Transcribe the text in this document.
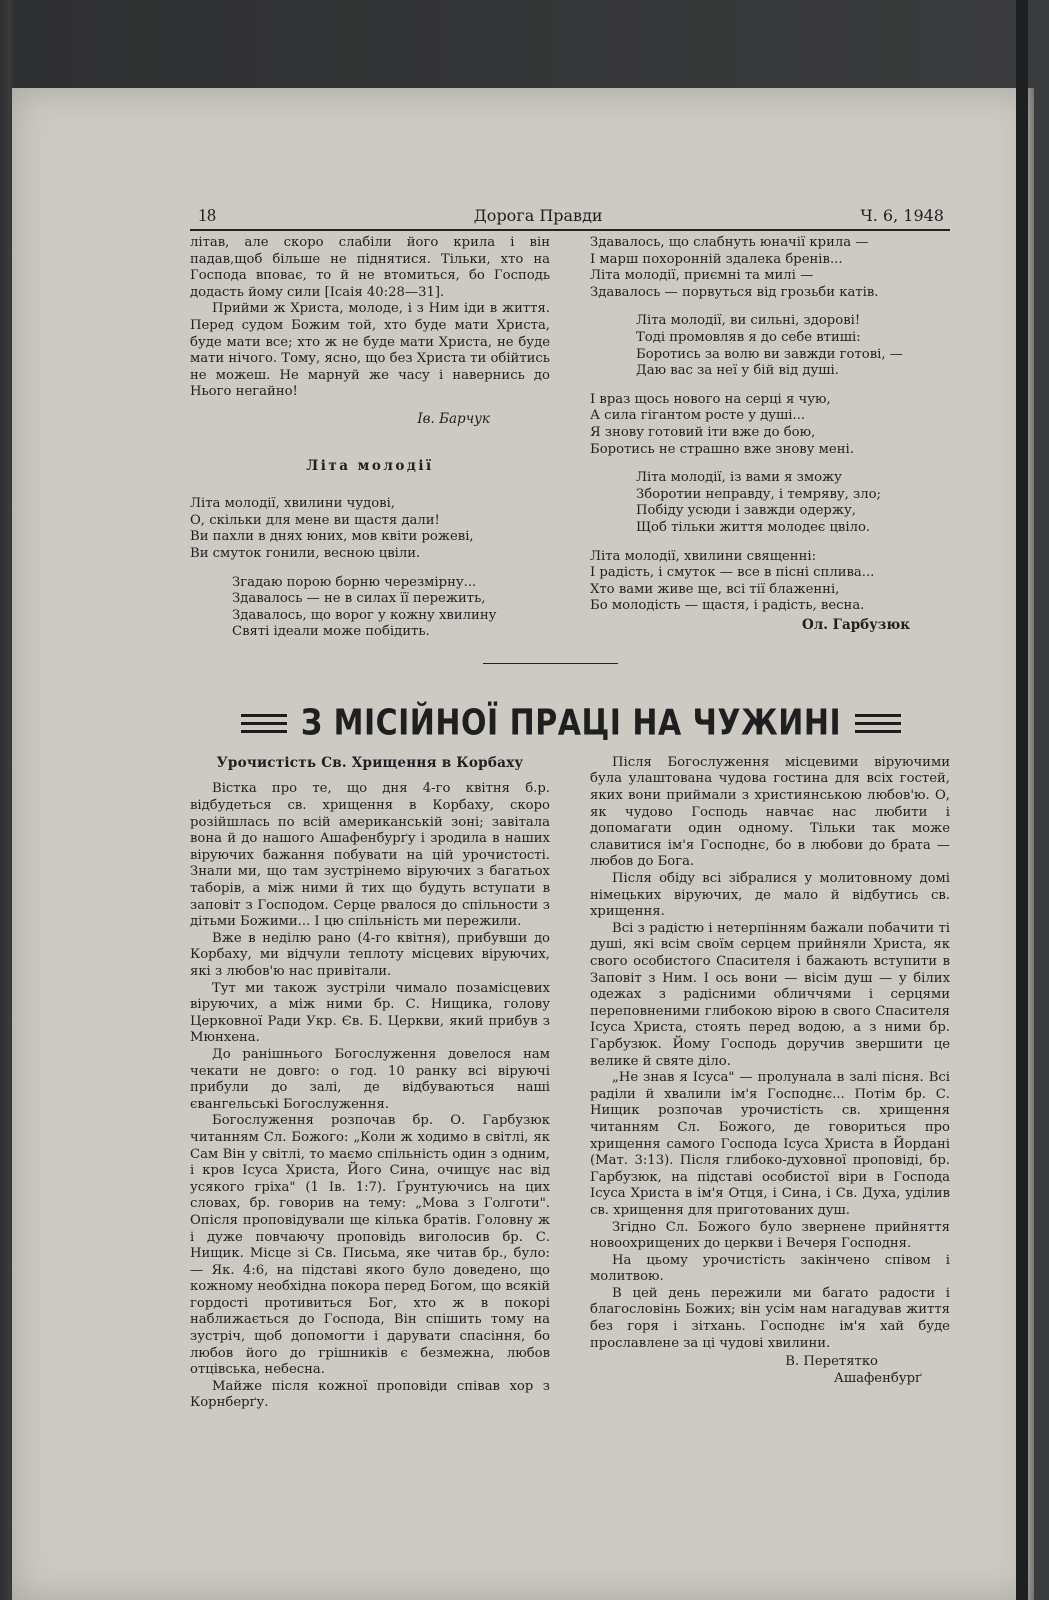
18	Дорога Правди	Ч. 6, 1948

літав, але скоро слабіли його крила і він падав,щоб більше не піднятися. Тільки, хто на Господа вповає, то й не втомиться, бо Господь додасть йому сили [Ісаія 40:28—31].

Прийми ж Христа, молоде, і з Ним іди в життя. Перед судом Божим той, хто буде мати Христа, буде мати все; хто ж не буде мати Христа, не буде мати нічого. Тому, ясно, що без Христа ти обійтись не можеш. Не марнуй же часу і навернись до Нього негайно!

Ів. Барчук
Літа молодії
Літа молодії, хвилини чудові,
О, скільки для мене ви щастя дали!
Ви пахли в днях юних, мов квіти рожеві,
Ви смуток гонили, весною цвіли.
Згадаю порою борню черезмірну...
Здавалось — не в силах її пережить,
Здавалось, що ворог у кожну хвилину
Святі ідеали може побідить.
Здавалось, що слабнуть юначії крила —
І марш похоронній здалека бренів...
Літа молодії, приємні та милі —
Здавалось — порвуться від грозьби катів.
Літа молодії, ви сильні, здорові!
Тоді промовляв я до себе втиші:
Боротись за волю ви завжди готові, —
Даю вас за неї у бій від душі.
І враз щось нового на серці я чую,
А сила гігантом росте у душі...
Я знову готовий іти вже до бою,
Боротись не страшно вже знову мені.
Літа молодії, із вами я зможу
Зборотии неправду, і темряву, зло;
Побіду усюди і завжди одержу,
Щоб тільки життя молодеє цвіло.
Літа молодії, хвилини священні:
І радість, і смуток — все в пісні сплива...
Хто вами живе ще, всі тії блаженні,
Бо молодість — щастя, і радість, весна.
Ол. Гарбузюк
З МІСІЙНОЇ ПРАЦІ НА ЧУЖИНІ
Урочистість Св. Хрищення в Корбаху

Вістка про те, що дня 4-го квітня б.р. відбудеться св. хрищення в Корбаху, скоро розійшлась по всій американській зоні; завітала вона й до нашого Ашафенбурґу і зродила в наших вірyючих бажання побувати на цій урочистості. Знали ми, що там зустрінемо віруючих з багатьох таборів, а між ними й тих що будуть вступати в заповіт з Господом. Серце рвалося до спільности з дітьми Божими... І цю спільність ми пережили.

Вже в неділю рано (4-го квітня), прибувши до Корбаху, ми відчули теплоту місцевих віруючих, які з любов'ю нас привітали.

Тут ми також зустріли чимало позамісцевих віруючих, а між ними бр. С. Нищика, голову Церковної Ради Укр. Єв. Б. Церкви, який прибув з Мюнхена.

До ранішнього Богослуження довелося нам чекати не довго: о год. 10 ранку всі віруючі прибули до залі, де відбуваються наші євангельські Богослуження.

Богослуження розпочав бр. О. Гарбузюк читанням Сл. Божого: „Коли ж ходимо в світлі, як Сам Він у світлі, то маємо спільність один з одним, і кров Ісуса Христа, Його Сина, очищує нас від усякого гріха" (1 Ів. 1:7). Ґрунтуючись на цих словах, бр. говорив на тему: „Мова з Голготи". Опісля проповідували ще кілька братів. Головну ж і дуже повчаючу проповідь виголосив бр. С. Нищик. Місце зі Св. Письма, яке читав бр., було: — Як. 4:6, на підставі якого було доведено, що кожному необхідна покора перед Богом, що всякій гордості противиться Бог, хто ж в покорі наближається до Господа, Він спішить тому на зустріч, щоб допомогти і дарувати спасіння, бо любов його до грішників є безмежна, любов отцівська, небесна.

Майже після кожної проповіди співав хор з Корнберґу.

Після Богослуження місцевими віруючими була улаштована чудова гостина для всіх гостей, яких вони приймали з християнською любов'ю. О, як чудово Господь навчає нас любити і допомагати один одному. Тільки так може славитися ім'я Господнє, бо в любови до брата — любов до Бога.

Після обіду всі зібралися у молитовному домі німецьких віруючих, де мало й відбутись св. хрищення.

Всі з радістю і нетерпінням бажали побачити ті душі, які всім своїм серцем прийняли Христа, як свого особистого Спасителя і бажають вступити в Заповіт з Ним. І ось вони — вісім душ — у білих одежах з радісними обличчями і серцями переповненими глибокою вірою в свого Спасителя Ісуса Христа, стоять перед водою, а з ними бр. Гарбузюк. Йому Господь доручив звершити це велике й святе діло.

„Не знав я Ісуса" — пролунала в залі пісня. Всі раділи й хвалили ім'я Господнє... Потім бр. С. Нищик розпочав урочистість св. хрищення читанням Сл. Божого, де говориться про хрищення самого Господа Ісуса Христа в Йордані (Мат. 3:13). Після глибоко-духовної проповіді, бр. Гарбузюк, на підставі особистої віри в Господа Ісуса Христа в ім'я Отця, і Сина, і Св. Духа, уділив св. хрищення для приготованих душ.

Згідно Сл. Божого було звернене прийняття новоохрищених до церкви і Вечеря Господня.

На цьому урочистість закінчено співом і молитвою.

В цей день пережили ми багато радости і благословінь Божих; він усім нам нагадував життя без горя і зітхань. Господнє ім'я хай буде прославлене за ці чудові хвилини.

В. Перетятко
Ашафенбурґ
